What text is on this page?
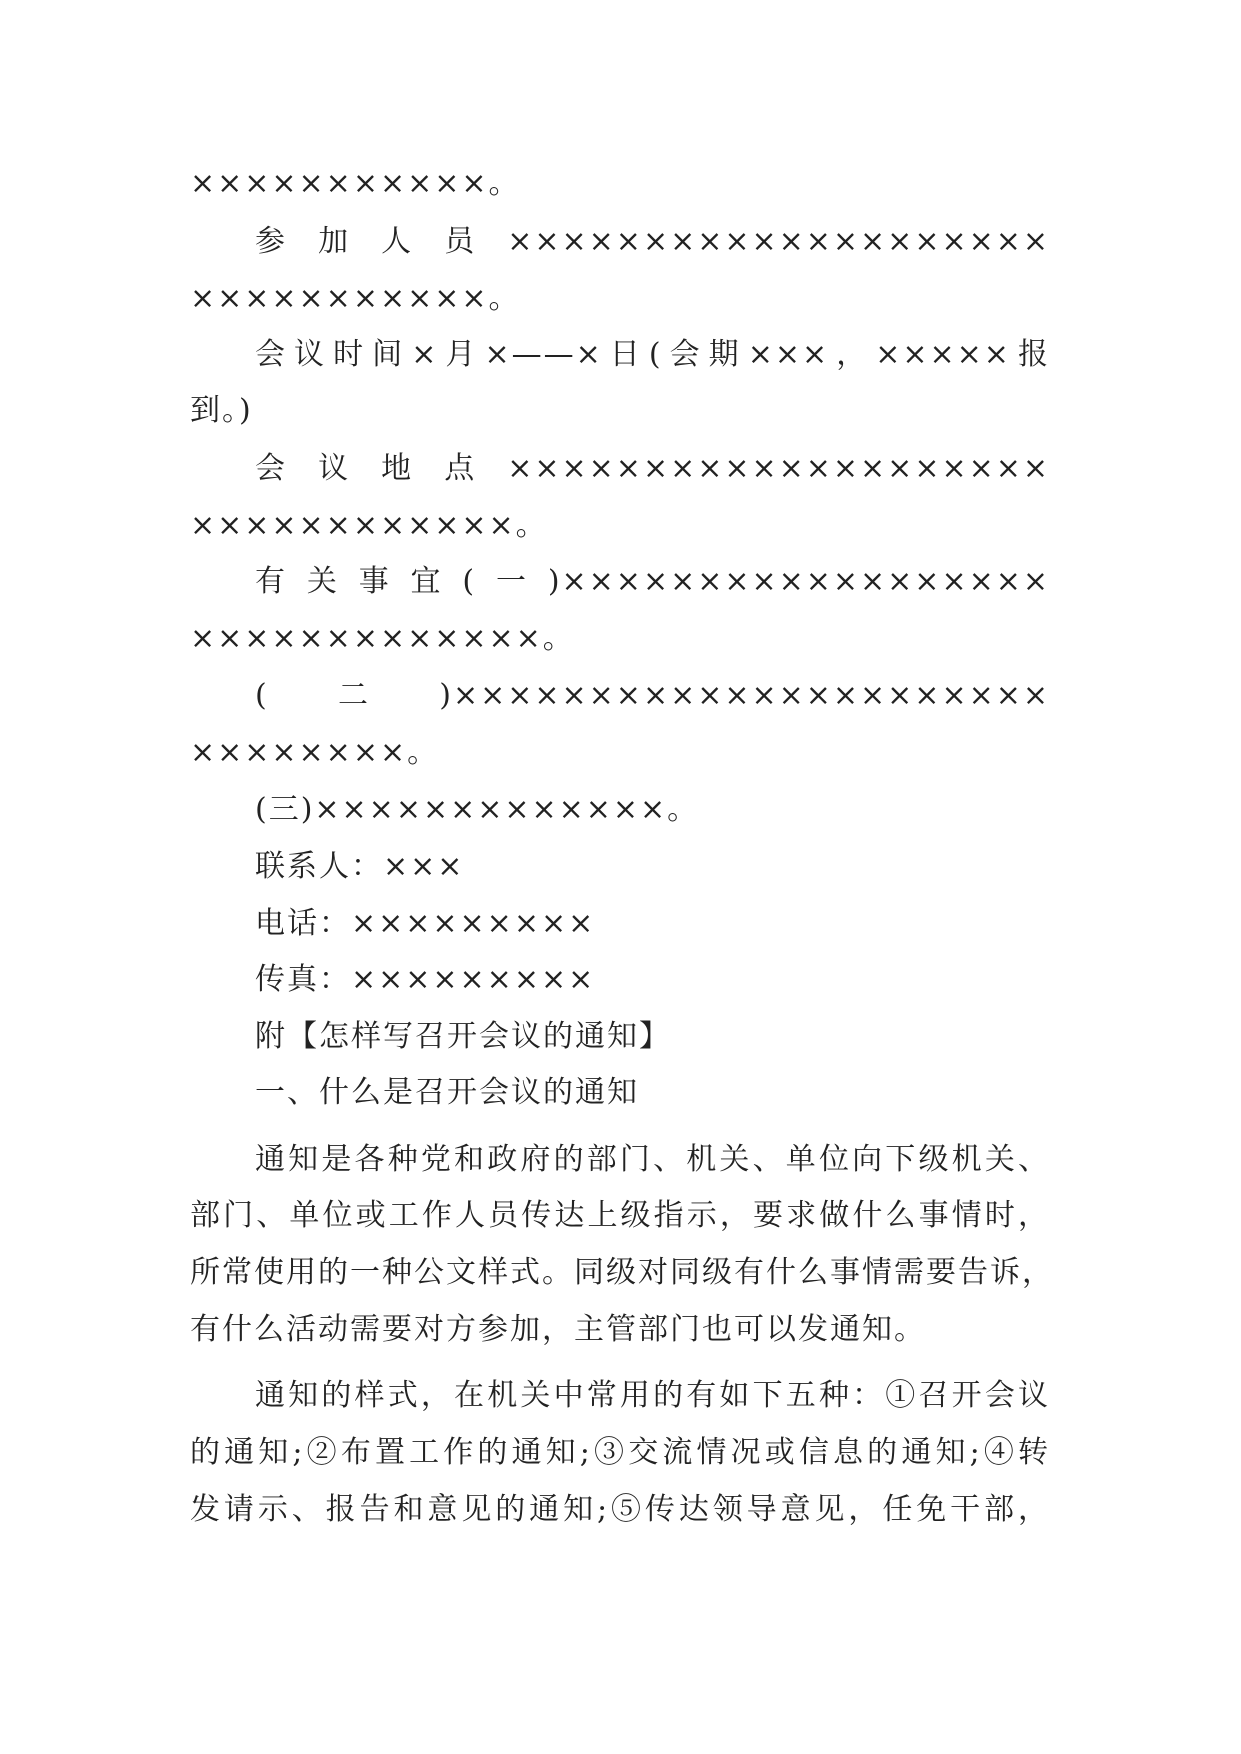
×××××××××××。
参加人员××××××××××××××××××××
×××××××××××。
会议时间×月×——×日(会期×××，×××××报
到。)
会议地点××××××××××××××××××××
××××××××××××。
有关事宜(一)××××××××××××××××××
×××××××××××××。
(二)××××××××××××××××××××××
××××××××。
(三)×××××××××××××。
联系人：×××
电话：×××××××××
传真：×××××××××
附【怎样写召开会议的通知】
一、什么是召开会议的通知
通知是各种党和政府的部门、机关、单位向下级机关、
部门、单位或工作人员传达上级指示，要求做什么事情时，
所常使用的一种公文样式。同级对同级有什么事情需要告诉，
有什么活动需要对方参加，主管部门也可以发通知。
通知的样式，在机关中常用的有如下五种：①召开会议
的通知;②布置工作的通知;③交流情况或信息的通知;④转
发请示、报告和意见的通知;⑤传达领导意见，任免干部，
